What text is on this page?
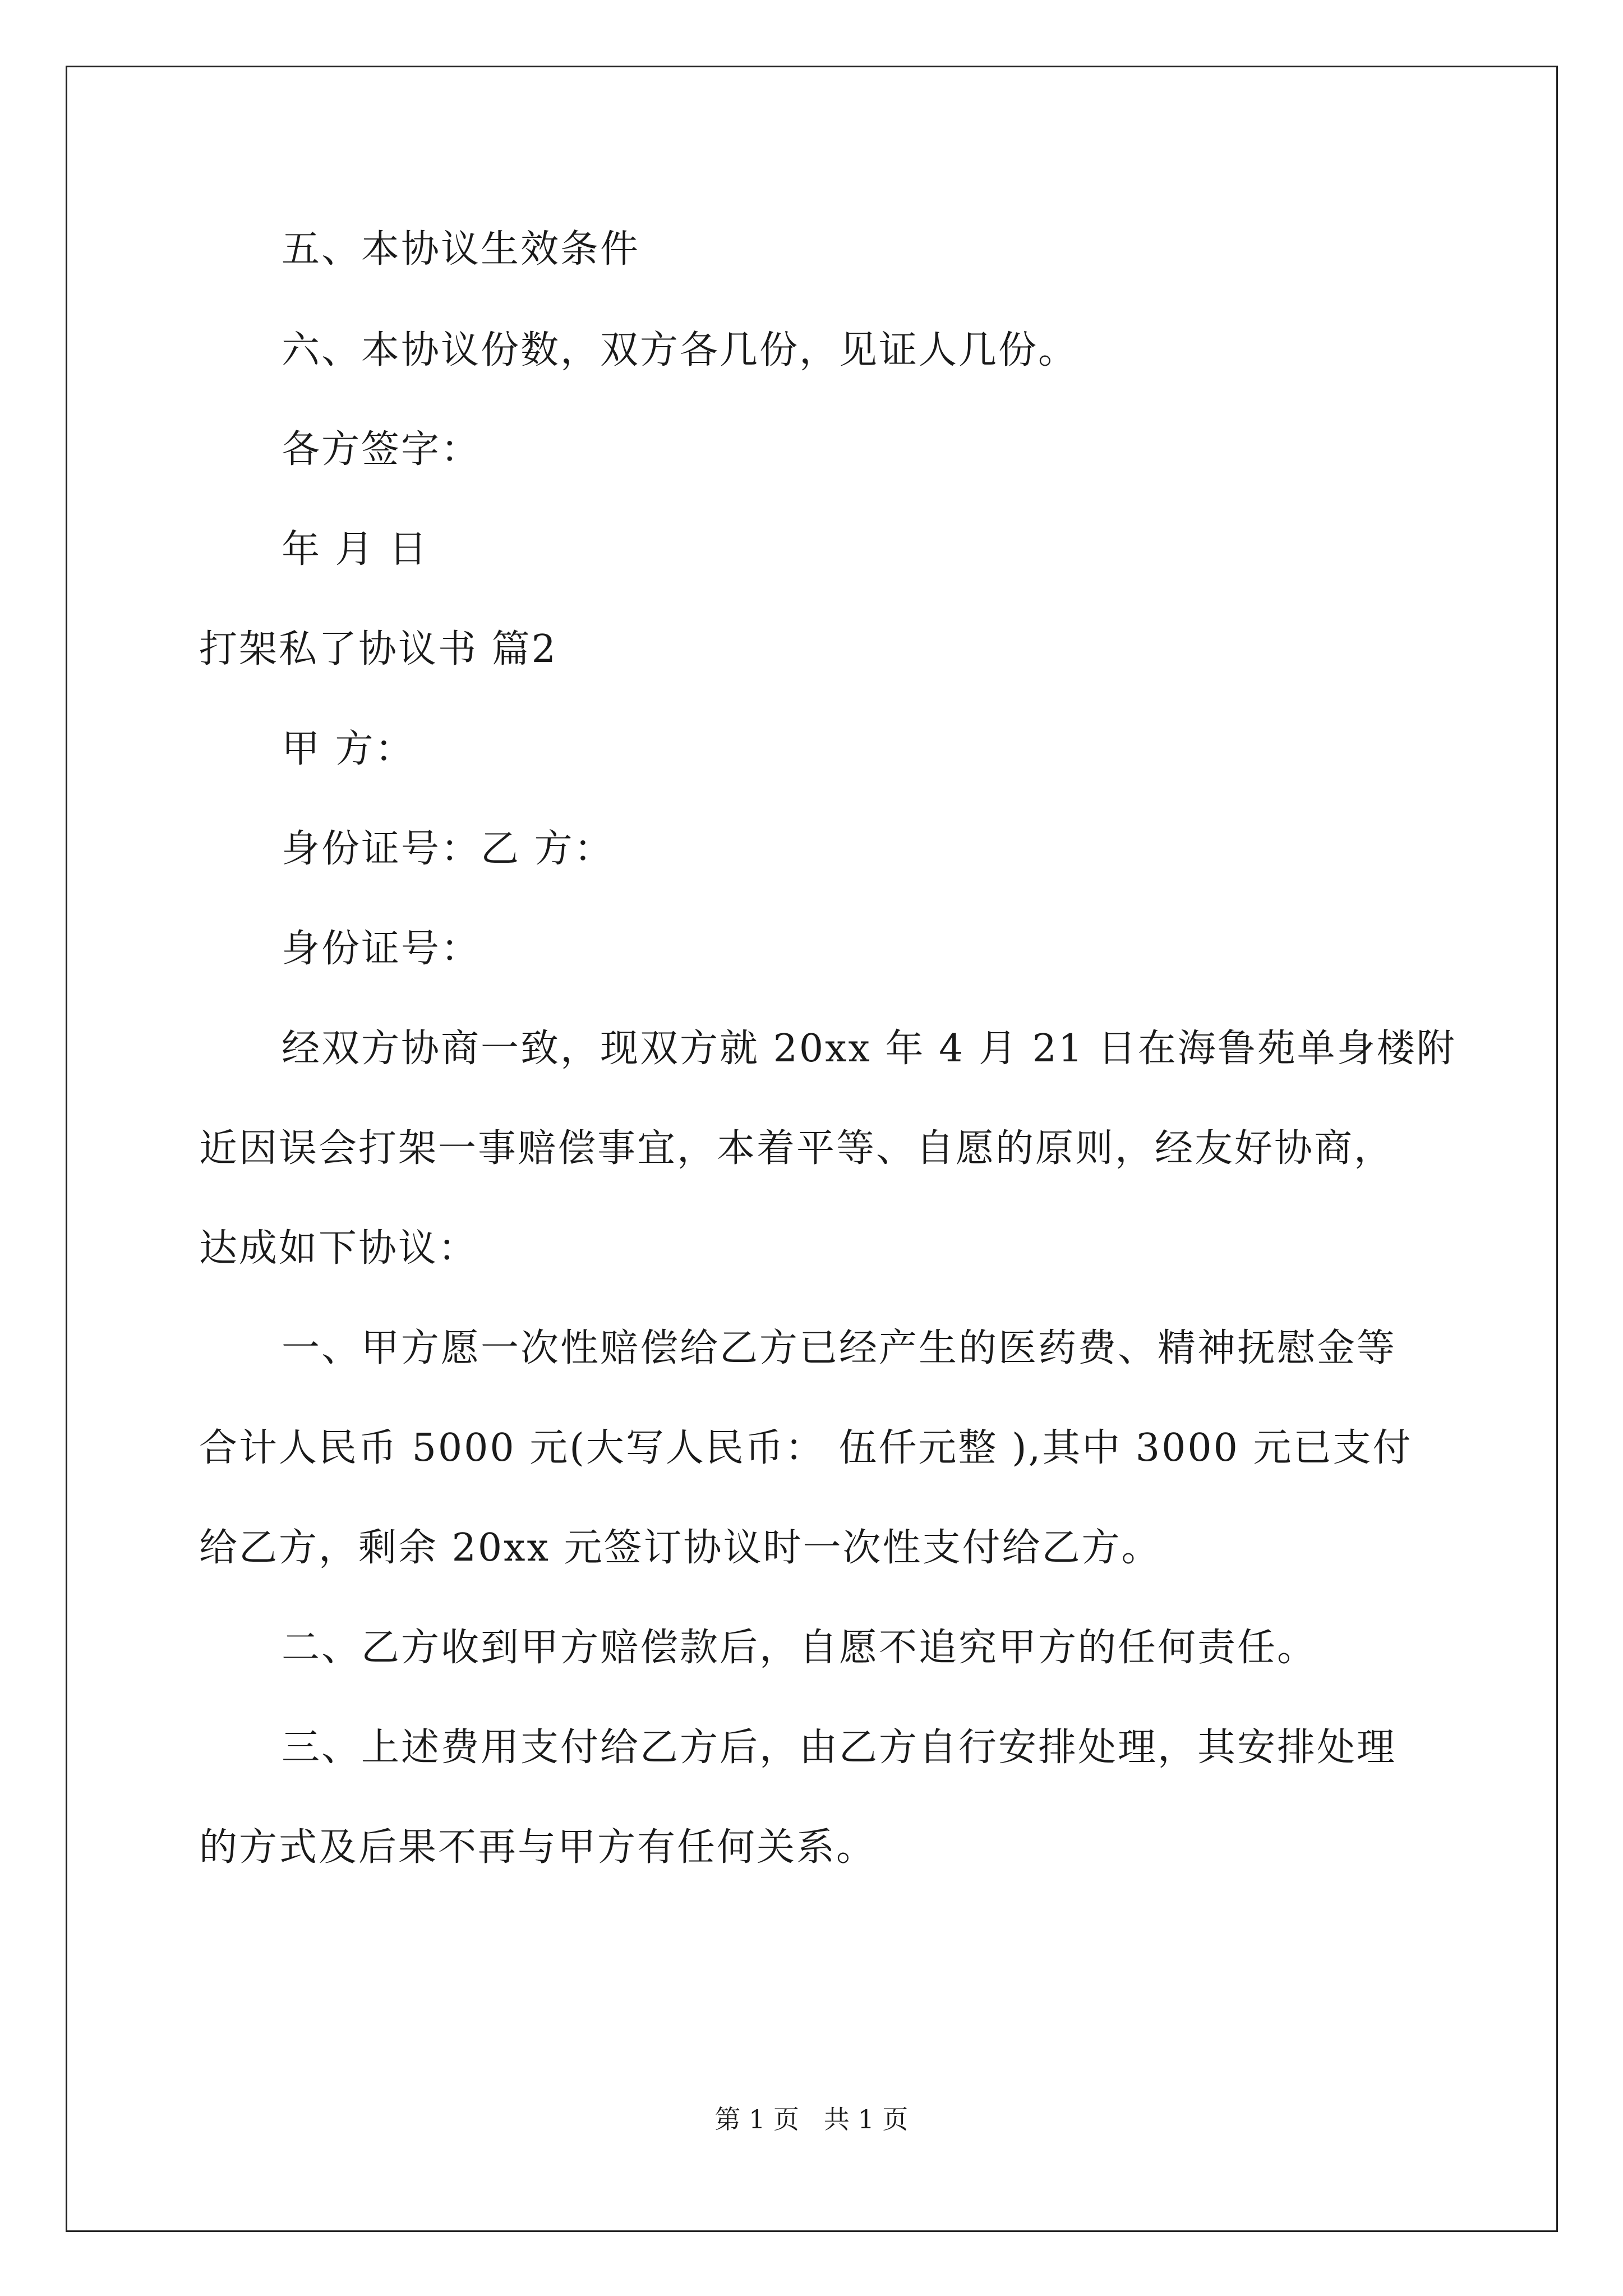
五、本协议生效条件
六、本协议份数，双方各几份，见证人几份。
各方签字：
年 月 日
打架私了协议书 篇2
甲 方：
身份证号：乙 方：
身份证号：
经双方协商一致，现双方就 20xx 年 4 月 21 日在海鲁苑单身楼附
近因误会打架一事赔偿事宜，本着平等、自愿的原则，经友好协商，
达成如下协议：
一、甲方愿一次性赔偿给乙方已经产生的医药费、精神抚慰金等
合计人民币 5000 元(大写人民币： 伍仟元整 ),其中 3000 元已支付
给乙方，剩余 20xx 元签订协议时一次性支付给乙方。
二、乙方收到甲方赔偿款后，自愿不追究甲方的任何责任。
三、上述费用支付给乙方后，由乙方自行安排处理，其安排处理
的方式及后果不再与甲方有任何关系。
第 1 页   共 1 页
